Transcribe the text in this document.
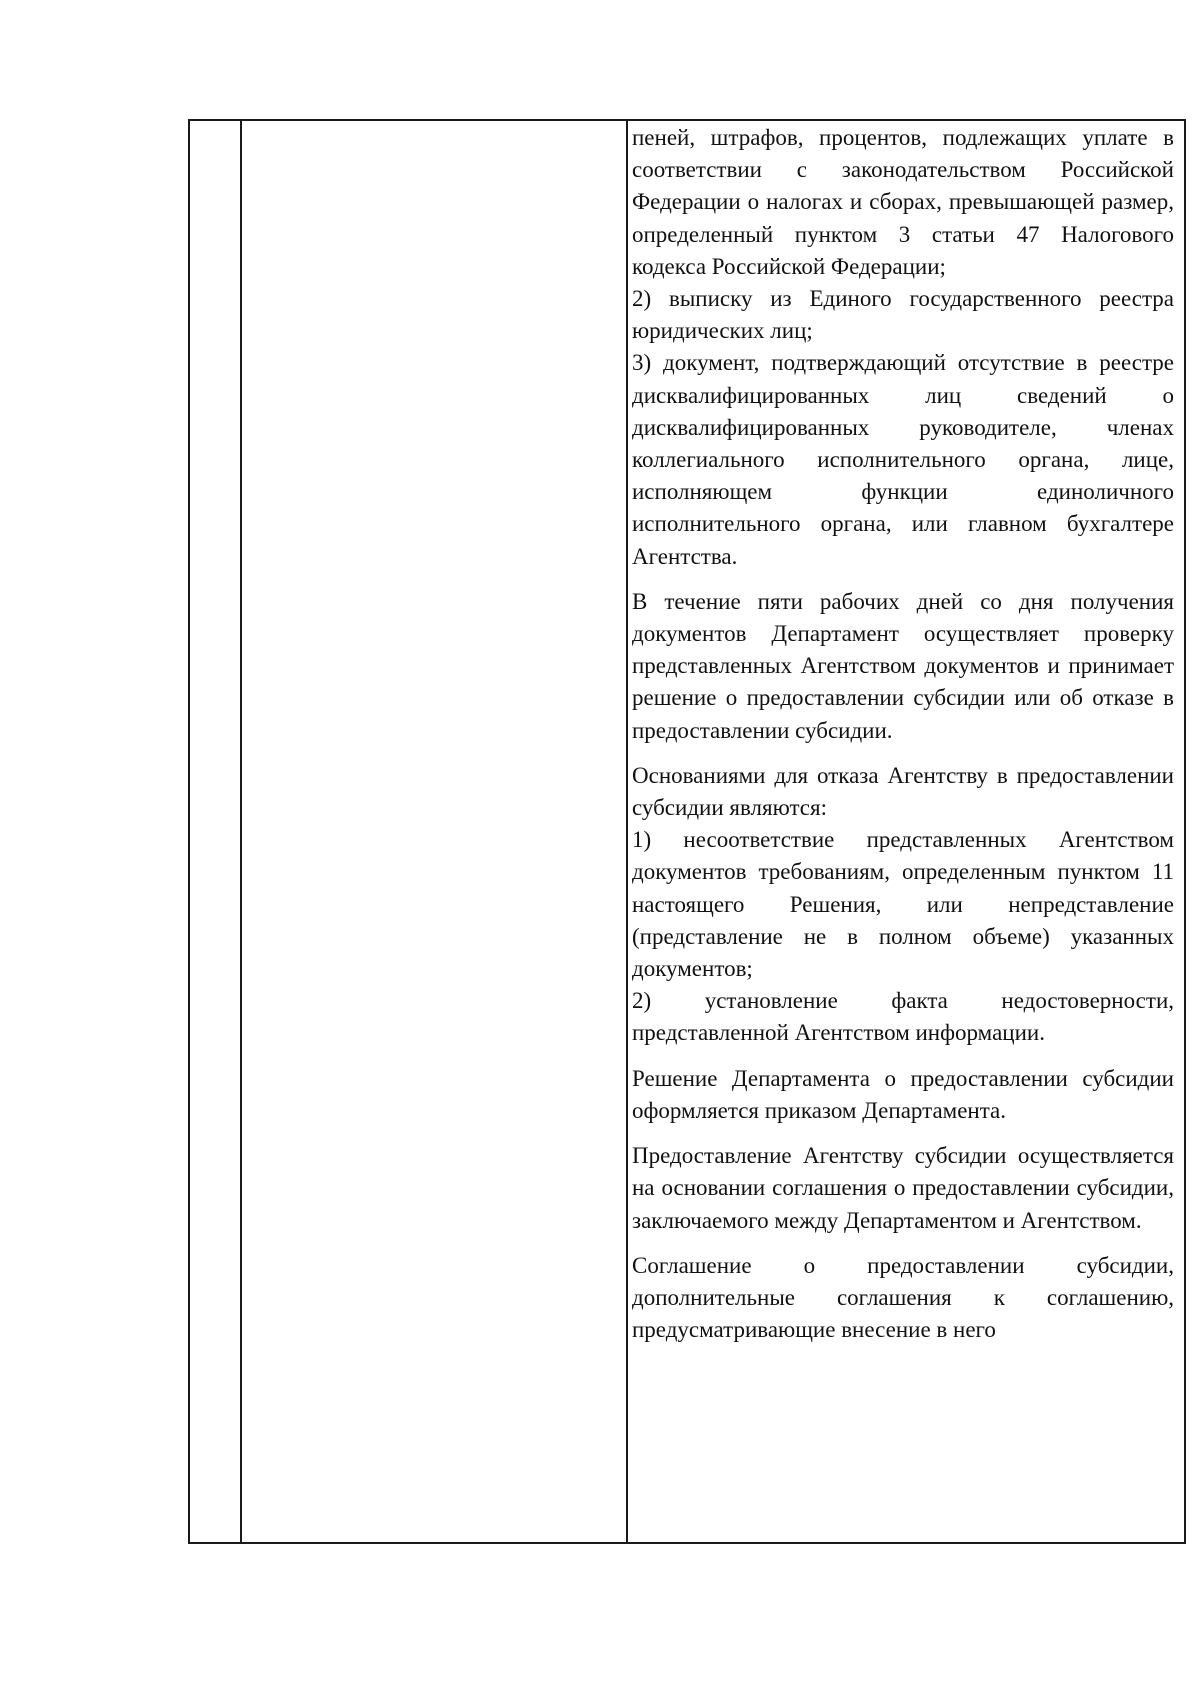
пеней, штрафов, процентов, подлежащих уплате в соответствии с законодательством Российской Федерации о налогах и сборах, превышающей размер, определенный пунктом 3 статьи 47 Налогового кодекса Российской Федерации;

2) выписку из Единого государственного реестра юридических лиц;

3) документ, подтверждающий отсутствие в реестре дисквалифицированных лиц сведений о дисквалифицированных руководителе, членах коллегиального исполнительного органа, лице, исполняющем функции единоличного исполнительного органа, или главном бухгалтере Агентства.

В течение пяти рабочих дней со дня получения документов Департамент осуществляет проверку представленных Агентством документов и принимает решение о предоставлении субсидии или об отказе в предоставлении субсидии.

Основаниями для отказа Агентству в предоставлении субсидии являются:

1) несоответствие представленных Агентством документов требованиям, определенным пунктом 11 настоящего Решения, или непредставление (представление не в полном объеме) указанных документов;

2) установление факта недостоверности, представленной Агентством информации.

Решение Департамента о предоставлении субсидии оформляется приказом Департамента.

Предоставление Агентству субсидии осуществляется на основании соглашения о предоставлении субсидии, заключаемого между Департаментом и Агентством.

Соглашение о предоставлении субсидии, дополнительные соглашения к соглашению, предусматривающие внесение в него
